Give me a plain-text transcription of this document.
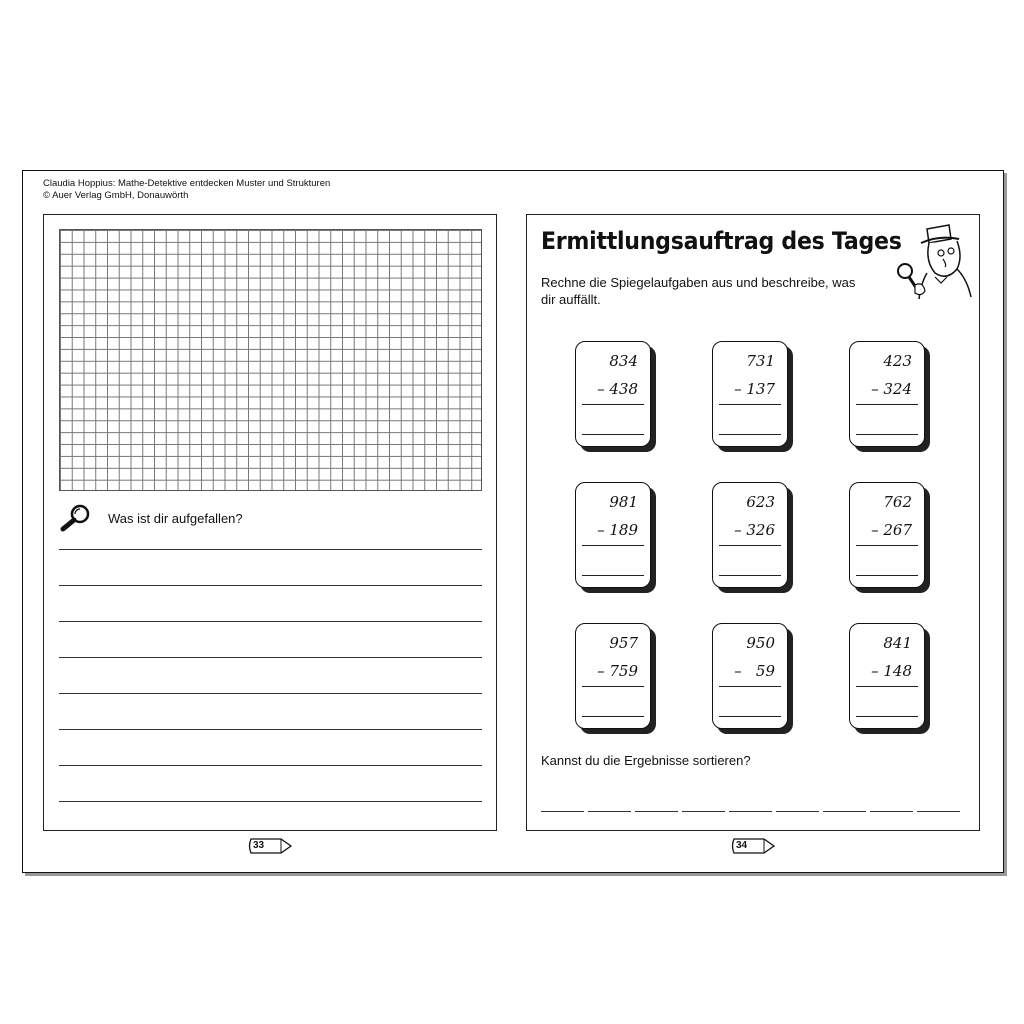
Claudia Hoppius: Mathe-Detektive entdecken Muster und Strukturen
© Auer Verlag GmbH, Donauwörth
Was ist dir aufgefallen?
Ermittlungsauftrag des Tages
Rechne die Spiegelaufgaben aus und beschreibe, was dir auffällt.
834
– 438
731
– 137
423
– 324
981
– 189
623
– 326
762
– 267
957
– 759
950
–   59
841
– 148
Kannst du die Ergebnisse sortieren?
33	34
